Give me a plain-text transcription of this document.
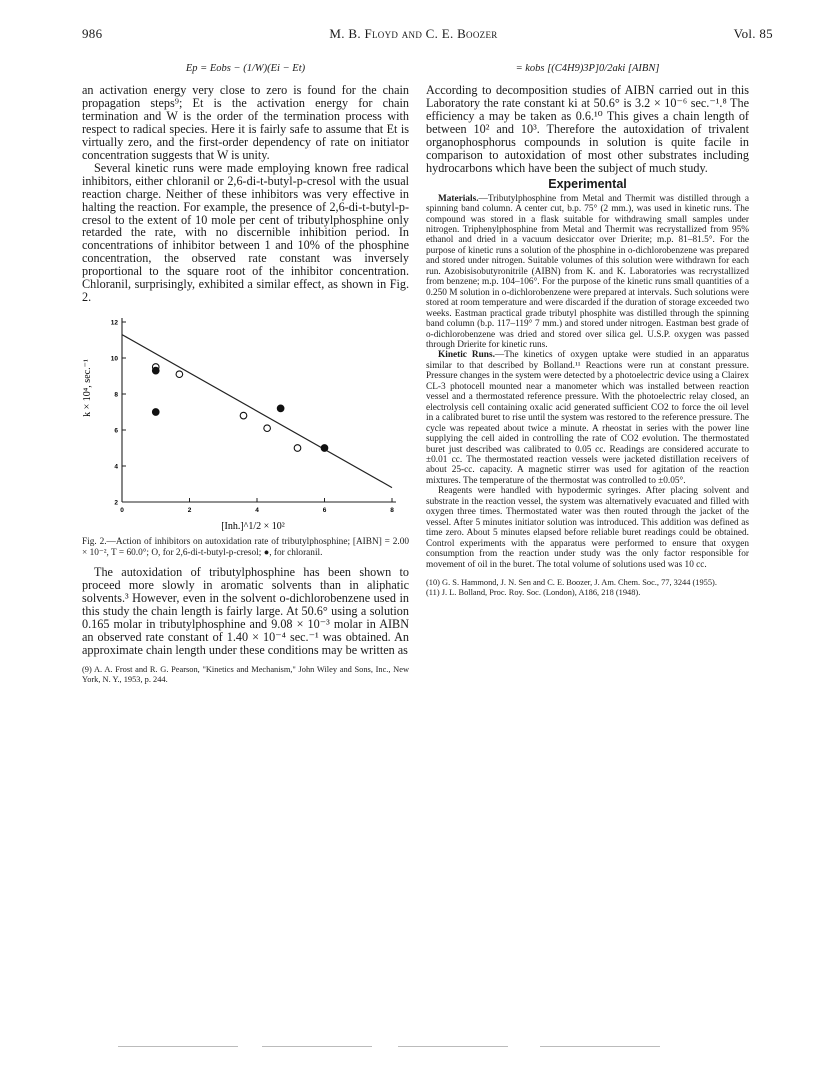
986	M. B. Floyd and C. E. Boozer	Vol. 85
Ep = Eobs − (1/W)(Ei − Et)

an activation energy very close to zero is found for the chain propagation steps⁹; Et is the activation energy for chain termination and W is the order of the termination process with respect to radical species. Here it is fairly safe to assume that Et is virtually zero, and the first-order dependency of rate on initiator concentration suggests that W is unity.

Several kinetic runs were made employing known free radical inhibitors, either chloranil or 2,6-di-t-butyl-p-cresol with the usual reaction charge. Neither of these inhibitors was very effective in halting the reaction. For example, the presence of 2,6-di-t-butyl-p-cresol to the extent of 10 mole per cent of tributylphosphine only retarded the rate, with no discernible inhibition period. In concentrations of inhibitor between 1 and 10% of the phosphine concentration, the observed rate constant was inversely proportional to the square root of the inhibitor concentration. Chloranil, surprisingly, exhibited a similar effect, as shown in Fig. 2.

0	2	4	6	8
2
4
6
8
10
12
k × 10⁴, sec.⁻¹
[Inh.]^1/2 × 10²

Fig. 2.—Action of inhibitors on autoxidation rate of tributylphosphine; [AIBN] = 2.00 × 10⁻², T = 60.0°; O, for 2,6-di-t-butyl-p-cresol; ●, for chloranil.

The autoxidation of tributylphosphine has been shown to proceed more slowly in aromatic solvents than in aliphatic solvents.³ However, even in the solvent o-dichlorobenzene used in this study the chain length is fairly large. At 50.6° using a solution 0.165 molar in tributylphosphine and 9.08 × 10⁻³ molar in AIBN an observed rate constant of 1.40 × 10⁻⁴ sec.⁻¹ was obtained. An approximate chain length under these conditions may be written as

(9) A. A. Frost and R. G. Pearson, "Kinetics and Mechanism," John Wiley and Sons, Inc., New York, N. Y., 1953, p. 244.

= kobs [(C4H9)3P]0/2aki [AIBN]

According to decomposition studies of AIBN carried out in this Laboratory the rate constant ki at 50.6° is 3.2 × 10⁻⁶ sec.⁻¹.⁸ The efficiency a may be taken as 0.6.¹⁰ This gives a chain length of between 10² and 10³. Therefore the autoxidation of trivalent organophosphorus compounds in solution is quite facile in comparison to autoxidation of most other substrates including hydrocarbons which have been the subject of much study.

Experimental

Materials.—Tributylphosphine from Metal and Thermit was distilled through a spinning band column. A center cut, b.p. 75° (2 mm.), was used in kinetic runs. The compound was stored in a flask suitable for withdrawing small samples under nitrogen. Triphenylphosphine from Metal and Thermit was recrystallized from 95% ethanol and dried in a vacuum desiccator over Drierite; m.p. 81–81.5°. For the purpose of kinetic runs a solution of the phosphine in o-dichlorobenzene was prepared and stored under nitrogen. Suitable volumes of this solution were withdrawn for each run. Azobisisobutyronitrile (AIBN) from K. and K. Laboratories was recrystallized from benzene; m.p. 104–106°. For the purpose of the kinetic runs small quantities of a 0.250 M solution in o-dichlorobenzene were prepared at intervals. Such solutions were stored at room temperature and were discarded if the duration of storage exceeded two weeks. Eastman practical grade tributyl phosphite was distilled through the spinning band column (b.p. 117–119° 7 mm.) and stored under nitrogen. Eastman best grade of o-dichlorobenzene was dried and stored over silica gel. U.S.P. oxygen was passed through Drierite for kinetic runs.

Kinetic Runs.—The kinetics of oxygen uptake were studied in an apparatus similar to that described by Bolland.¹¹ Reactions were run at constant pressure. Pressure changes in the system were detected by a photoelectric device using a Clairex CL-3 photocell mounted near a manometer which was installed between reaction vessel and a thermostated reference pressure. With the photoelectric relay closed, an electrolysis cell containing oxalic acid generated sufficient CO2 to force the oil level in a calibrated buret to rise until the system was restored to the reference pressure. The cycle was repeated about twice a minute. A rheostat in series with the power line supplying the cell aided in controlling the rate of CO2 evolution. The thermostated buret just described was calibrated to 0.05 cc. Readings are considered accurate to ±0.01 cc. The thermostated reaction vessels were jacketed distillation receivers of about 25-cc. capacity. A magnetic stirrer was used for agitation of the reaction mixtures. The temperature of the thermostat was controlled to ±0.05°.

Reagents were handled with hypodermic syringes. After placing solvent and substrate in the reaction vessel, the system was alternatively evacuated and filled with oxygen three times. Thermostated water was then routed through the jacket of the vessel. After 5 minutes initiator solution was introduced. This addition was defined as time zero. About 5 minutes elapsed before reliable buret readings could be obtained. Control experiments with the apparatus were performed to ensure that oxygen consumption from the reaction under study was the only factor responsible for movement of oil in the buret. The total volume of solutions used was 10 cc.

(10) G. S. Hammond, J. N. Sen and C. E. Boozer, J. Am. Chem. Soc., 77, 3244 (1955).

(11) J. L. Bolland, Proc. Roy. Soc. (London), A186, 218 (1948).
